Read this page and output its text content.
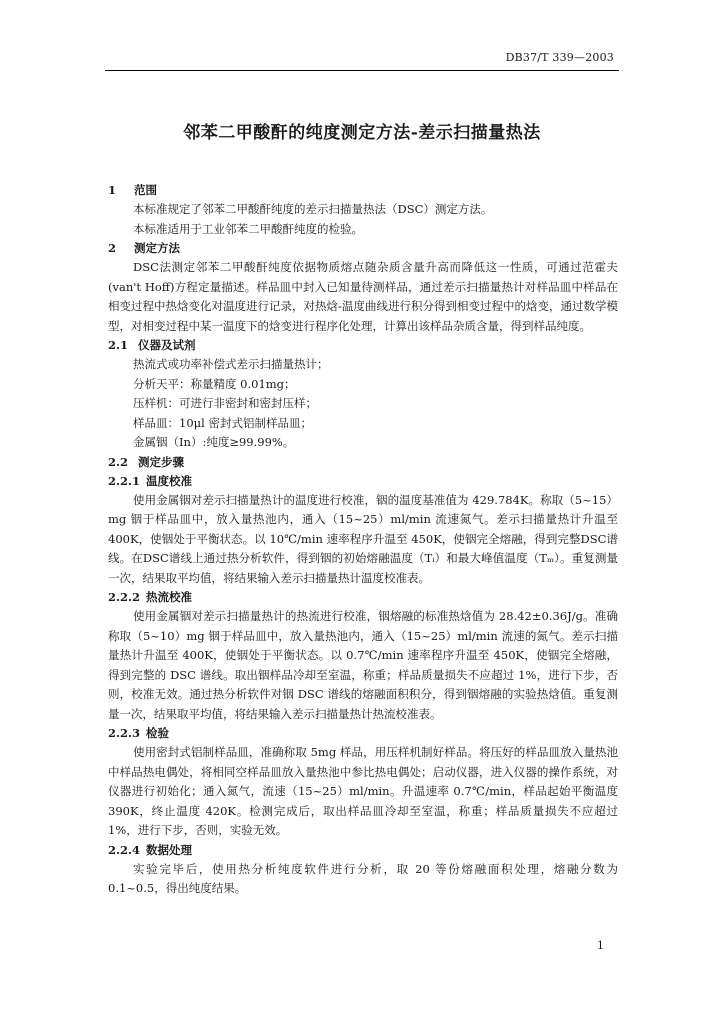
DB37/T 339—2003
邻苯二甲酸酐的纯度测定方法-差示扫描量热法
1 范围
本标准规定了邻苯二甲酸酐纯度的差示扫描量热法（DSC）测定方法。
本标准适用于工业邻苯二甲酸酐纯度的检验。
2 测定方法
DSC法测定邻苯二甲酸酐纯度依据物质熔点随杂质含量升高而降低这一性质，可通过范霍夫(van't Hoff)方程定量描述。样品皿中封入已知量待测样品，通过差示扫描量热计对样品皿中样品在相变过程中热焓变化对温度进行记录，对热焓-温度曲线进行积分得到相变过程中的焓变，通过数学模型，对相变过程中某一温度下的焓变进行程序化处理，计算出该样品杂质含量，得到样品纯度。
2.1 仪器及试剂
热流式或功率补偿式差示扫描量热计；
分析天平：称量精度 0.01mg；
压样机：可进行非密封和密封压样；
样品皿：10μl 密封式铝制样品皿；
金属铟（In）:纯度≥99.99%。
2.2 测定步骤
2.2.1 温度校准
使用金属铟对差示扫描量热计的温度进行校准，铟的温度基准值为 429.784K。称取（5~15）mg 铟于样品皿中，放入量热池内，通入（15~25）ml/min 流速氮气。差示扫描量热计升温至 400K，使铟处于平衡状态。以 10℃/min 速率程序升温至 450K，使铟完全熔融，得到完整DSC谱线。在DSC谱线上通过热分析软件，得到铟的初始熔融温度（Tᵢ）和最大峰值温度（Tₘ）。重复测量一次，结果取平均值，将结果输入差示扫描量热计温度校准表。
2.2.2 热流校准
使用金属铟对差示扫描量热计的热流进行校准，铟熔融的标准热焓值为 28.42±0.36J/g。准确称取（5~10）mg 铟于样品皿中，放入量热池内，通入（15~25）ml/min 流速的氮气。差示扫描量热计升温至 400K，使铟处于平衡状态。以 0.7℃/min 速率程序升温至 450K，使铟完全熔融，得到完整的 DSC 谱线。取出铟样品冷却至室温，称重；样品质量损失不应超过 1%，进行下步，否则，校准无效。通过热分析软件对铟 DSC 谱线的熔融面积积分，得到铟熔融的实验热焓值。重复测量一次，结果取平均值，将结果输入差示扫描量热计热流校准表。
2.2.3 检验
使用密封式铝制样品皿，准确称取 5mg 样品，用压样机制好样品。将压好的样品皿放入量热池中样品热电偶处，将相同空样品皿放入量热池中参比热电偶处；启动仪器，进入仪器的操作系统，对仪器进行初始化；通入氮气，流速（15~25）ml/min。升温速率 0.7℃/min，样品起始平衡温度 390K，终止温度 420K。检测完成后，取出样品皿冷却至室温，称重；样品质量损失不应超过 1%，进行下步，否则，实验无效。
2.2.4 数据处理
实验完毕后，使用热分析纯度软件进行分析，取 20 等份熔融面积处理，熔融分数为 0.1~0.5，得出纯度结果。
1
